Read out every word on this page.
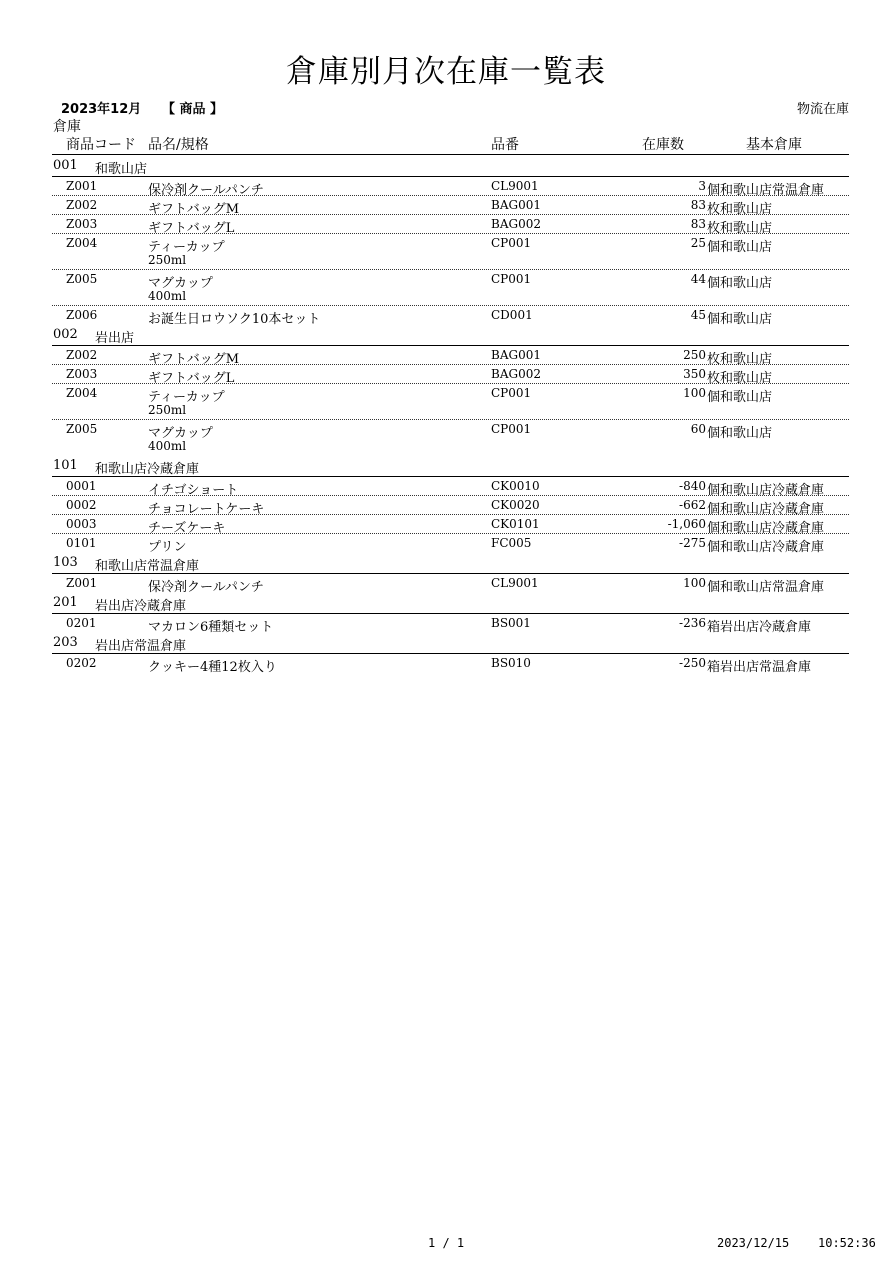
倉庫別月次在庫一覧表
2023年12月 【 商品 】	物流在庫
倉庫
商品コード 品名/規格	品番	在庫数	基本倉庫
001 和歌山店
Z001	保冷剤クールパンチ	CL9001	3 個 和歌山店常温倉庫
Z002	ギフトバッグM	BAG001	83 枚 和歌山店
Z003	ギフトバッグL	BAG002	83 枚 和歌山店
Z004	ティーカップ
250ml
CP001	25 個 和歌山店
Z005	マグカップ
400ml
CP001	44 個 和歌山店
Z006	お誕生日ロウソク10本セット	CD001	45 個 和歌山店
002 岩出店
Z002	ギフトバッグM	BAG001	250 枚 和歌山店
Z003	ギフトバッグL	BAG002	350 枚 和歌山店
Z004	ティーカップ
250ml
CP001	100 個 和歌山店
Z005	マグカップ
400ml
CP001	60 個 和歌山店
101 和歌山店冷蔵倉庫
0001	イチゴショート	CK0010	-840 個 和歌山店冷蔵倉庫
0002	チョコレートケーキ	CK0020	-662 個 和歌山店冷蔵倉庫
0003	チーズケーキ	CK0101	-1,060 個 和歌山店冷蔵倉庫
0101	プリン	FC005	-275 個 和歌山店冷蔵倉庫
103 和歌山店常温倉庫
Z001	保冷剤クールパンチ	CL9001	100 個 和歌山店常温倉庫
201 岩出店冷蔵倉庫
0201	マカロン6種類セット	BS001	-236 箱 岩出店冷蔵倉庫
203 岩出店常温倉庫
0202	クッキー4種12枚入り	BS010	-250 箱 岩出店常温倉庫
1 / 1	2023/12/15 10:52:36
